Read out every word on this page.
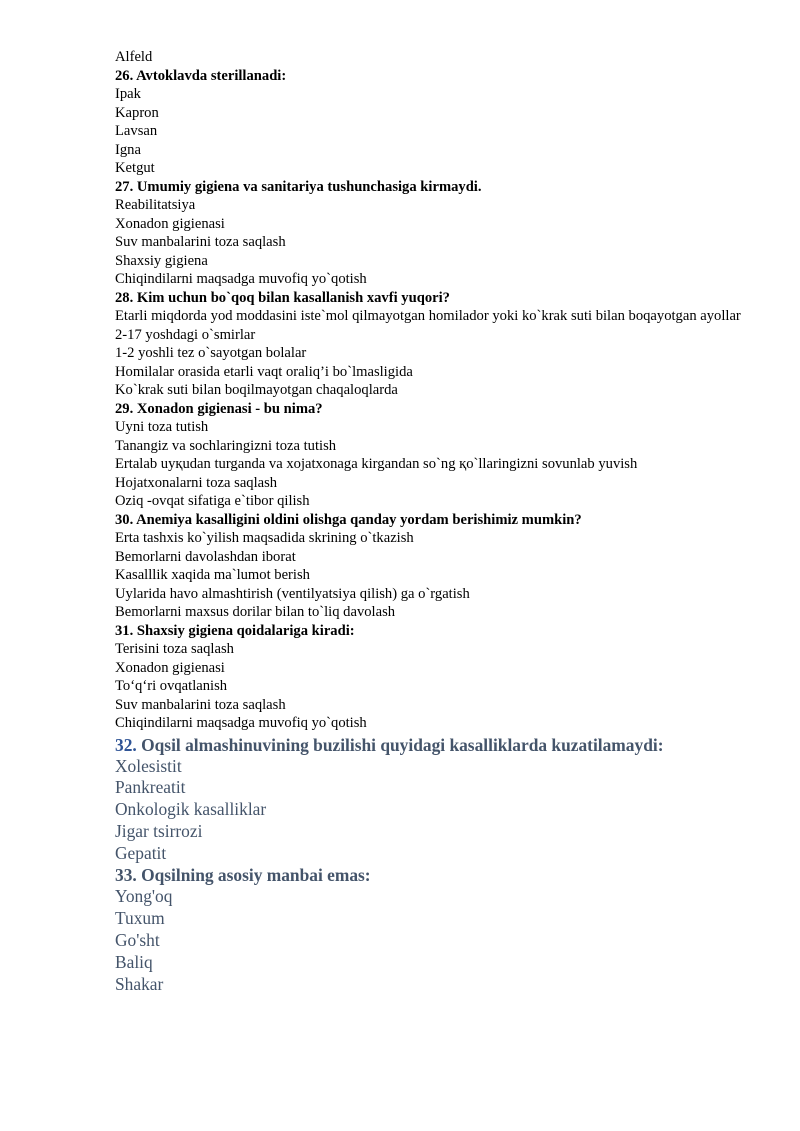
Alfeld
26. Avtoklavda sterillanadi:
Ipak
Kapron
Lavsan
Igna
Ketgut
27. Umumiy gigiena va sanitariya tushunchasiga kirmaydi.
Reabilitatsiya
Xonadon gigienasi
Suv manbalarini toza saqlash
Shaxsiy gigiena
Chiqindilarni maqsadga muvofiq yo`qotish
28. Kim uchun bo`qoq bilan kasallanish xavfi yuqori?
Etarli miqdorda yod moddasini iste`mol qilmayotgan homilador yoki ko`krak suti bilan boqayotgan ayollar
2-17 yoshdagi o`smirlar
1-2 yoshli tez o`sayotgan bolalar
Homilalar orasida etarli vaqt oraliq’i bo`lmasligida
Ko`krak suti bilan boqilmayotgan chaqaloqlarda
29. Xonadon gigienasi - bu nima?
Uyni toza tutish
Tanangiz va sochlaringizni toza tutish
Ertalab uyқudan turganda va xojatxonaga kirgandan so`ng қo`llaringizni sovunlab yuvish
Hojatxonalarni toza saqlash
Oziq -ovqat sifatiga e`tibor qilish
30. Anemiya kasalligini oldini olishga qanday yordam berishimiz mumkin?
Erta tashxis ko`yilish maqsadida skrining o`tkazish
Bemorlarni davolashdan iborat
Kasalllik xaqida ma`lumot berish
Uylarida havo almashtirish (ventilyatsiya qilish) ga o`rgatish
Bemorlarni maxsus dorilar bilan to`liq davolash
31. Shaxsiy gigiena qoidalariga kiradi:
Terisini toza saqlash
Xonadon gigienasi
To‘q‘ri ovqatlanish
Suv manbalarini toza saqlash
Chiqindilarni maqsadga muvofiq yo`qotish
32. Oqsil almashinuvining buzilishi quyidagi kasalliklarda kuzatilamaydi:
Xolesistit
Pankreatit
Onkologik kasalliklar
Jigar tsirrozi
Gepatit
33. Oqsilning asosiy manbai emas:
Yong'oq
Tuxum
Go'sht
Baliq
Shakar
